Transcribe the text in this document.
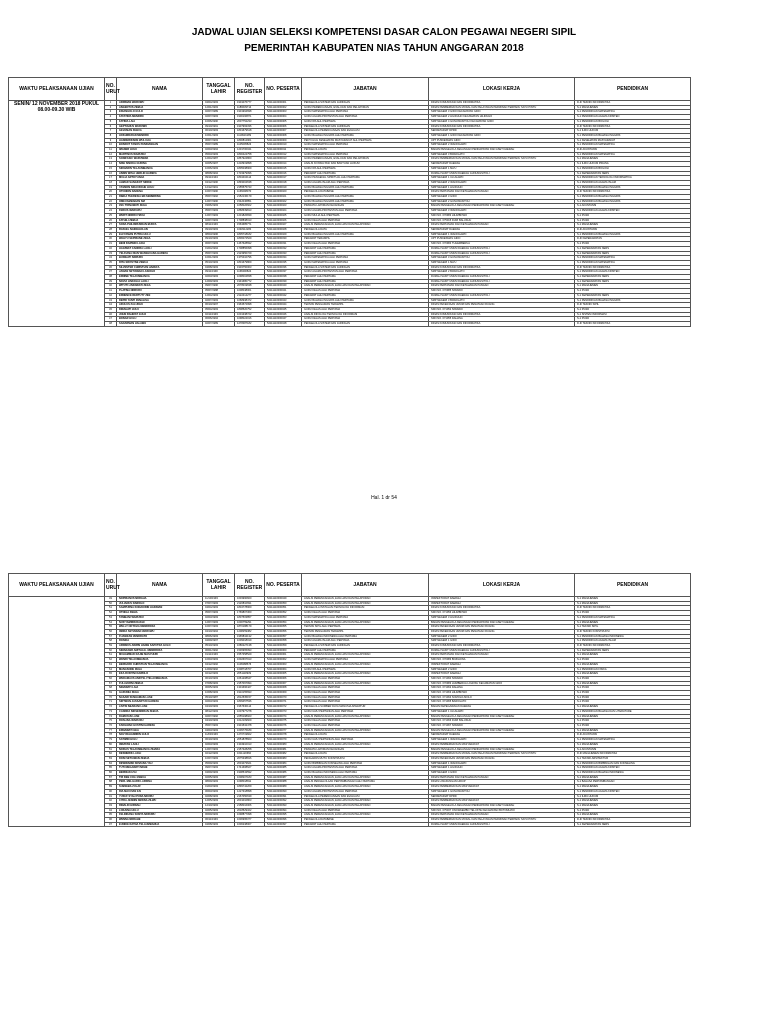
JADWAL UJIAN SELEKSI KOMPETENSI DASAR CALON PEGAWAI NEGERI SIPIL
PEMERINTAH KABUPATEN NIAS TAHUN ANGGARAN 2018
WAKTU PELAKSANAAN UJIAN	NO. URUT	NAMA	TANGGAL LAHIR	NO. REGISTER	NO. PESERTA	JABATAN	LOKASI KERJA	PENDIDIKAN
SENIN/ 12 NOVEMBER 2018 PUKUL 08.00-09.30 WIB	1	ADRIMAN WARUWU	04/04/1993	1901076777	52111110000001	PENGELOLA SISTEM DAN JARINGAN	DINAS KOMUNIKASI DAN INFORMATIKA	D-III TEKNIK INFORMATIKA
	2	ANGENTUS ZEBUA	12/01/1993	1189639714	52111110000002	GURU PERENCANAAN, EVALUASI DAN PELAPORAN	DINAS PEMBERDAYAAN MODAL DAN PELAYANAN PERIZINAN TERPADU SATU PINTU	S-1 MANAJEMEN
	3	EDIANGOLO GULO	02/07/1989	1901994698	52111110000003	GURU MATEMATIKA AHLI PERTAMA	SMP NEGERI 3 GIDO KECAMATAN GIDO	S-1 PENDIDIKAN MATEMATIKA
	4	FATATIMA MENDRO	02/07/1993	1900196871	52111110000004	GURU AGAMA PROTESTAN AHLI PERTAMA	SMP NEGERI 2 HILIDUHO KECAMATAN HILIDUHO	S-1 PENDIDIKAN AGAMA KRISTEN
	5	FATIMA LAIA	10/06/1990	2007752233	52111110000005	GURU IPA AHLI PERTAMA	SMP NEGERI 4 GUNUNGSITOLI KECAMATAN GIDO	S-1 PENDIDIKAN BIOLOGI
	6	GEPTIANUS WARUWU	09/10/1991	1907993336	52111110000006	PENGELOLA SISTEM DAN JARINGAN	DINAS KOMUNIKASI DAN INFORMATIKA	D-III TEKNIK INFORMATIKA
	7	GEVAMAN ZEBUA	06/10/1993	1801679618	52111110000007	PENGELOLA PERENCANAAN DAN EVALUASI	SEKRETARIAT DPRD	S-1 ILMU HUKUM
	8	HOKHIRERAN MENDRO	10/01/1993	1119916189	52111110000008	GURU BAHASA INGGRIS AHLI PERTAMA	SMP NEGERI 1 GIDO KECAMATAN GIDO	S-1 PENDIDIKAN BAHASA INGGRIS
	9	HANDERIKSON WULI HIA	06/07/1993	1800812901	52111110000009	PENYULUH KESEHATAN MASYARAKAT AHLI PERTAMA	UPT PUSKESMAS GIDO	S-1 KESEHATAN MASYARAKAT
	10	BONDOT TANOS PANDIANGAN	05/07/1989	1105095823	52111110000010	GURU MATEMATIKA AHLI PERTAMA	SMP NEGERI 2 IDANOGAWO	S-1 PENDIDIKAN MATEMATIKA
	11	IMANER HULU	02/03/1994	1201700041	52111110000011	PENGELOLA DATA	BADAN PENGELOLA KEUANGAN PENDAPATAN DAN ASET DAERAH	D-III AKUNTANSI
	12	MARTINUS WARUWU	05/03/1993	1800424758	52111110000012	GURU MATEMATIKA AHLI PERTAMA	SMP NEGERI 3 BAWOLATO	S-1 PENDIDIKAN MATEMATIKA
	13	SONIFASIC WARUWWA	12/04/1987	1867924860	52111110000013	GURU PERENCANAAN, EVALUASI DAN PELAPORAN	DINAS PEMBERDAYAAN MODAL DAN PELAYANAN PERIZINAN TERPADU SATU PINTU	S-1 MANAJEMEN
	14	NISE SINOKA GUDINA	02/05/1997	1218919898	52111110000014	ANALIS KONSULTASI DAN BANTUAN HUKUM	SEKRETARIAT DAERAH	S-1 ILMU HUKUM PIDANA
	15	SIKMARIN TELAUMBANUA	10/06/1993	1805038909	52111110000015	GURU IPA AHLI PERTAMA	SMP NEGERI 1 MA'U	S-1 PENDIDIKAN BIOLOGI
	16	ANNIS WISLI HERLIN HAREFA	08/08/1994	1719979096	52111110000016	PERAWAT AHLI PERTAMA	RUMAH SAKIT UMUM DAERAH GUNUNGSITOLI	S-1 KEPERAWATAN NERS
	17	MULIA ARTOYUANA	09/11/1994	1804404114	52111110000017	GURU PENGENAL SPIRITUAL AHLI PERTAMA	SMP NEGERI 1 ULUGAWO	S-1 PENDIDIKAN TEKNOLOGI INFORMATIKA
	18	AHMAD SANGKOT SIDIKE	04/12/1990	1893004638	52111110000018	GURU AGAMA ISLAM AHLI PERTAMA	SMP NEGERI 2 IDANOGAWO	S-1 PENDIDIKAN AGAMA ISLAM
	19	YASMON SIDAUDCHE HULU	12/12/1991	2155575743	52111110000019	GURU BAHASA INGGRIS AHLI PERTAMA	SMP NEGERI 1 HILIDUHO	S-1 PENDIDIKAN BAHASA INGGRIS
	20	OTONION NADENA	10/07/1990	1166098070	52111110000020	PENGELOLA DATABASE	DINAS PERTANIAN DAN KETAHANAN PANGAN	D-III TEKNIK INFORMATIKA
	21	RIBKA THERESIA BR.SEMBIRING	05/07/1992	2152136179	52111110000021	GURU BAHASA INGGRIS AHLI PERTAMA	SMP NEGERI 3 GIDO	S-1 PENDIDIKAN BAHASA INGGRIS
	22	OMEUAMBANAN SM	12/07/1990	1542046851	52111110000022	GURU BAHASA INGGRIS AHLI PERTAMA	SMP NEGERI 2 GUNUNGSITOLI	S-1 PENDIDIKAN BAHASA INGGRIS
	23	ZEU TIRNAWATI ZEGA	03/06/1993	1058026602	52111110000023	PRANATA LAPORAN KEUANGAN	BADAN PENGELOLA KEUANGAN PENDAPATAN DAN ASET DAERAH	S-1 AKUNTANSI
	24	FERIUS WARUWU	05/07/1993	1868639813	52111110000024	GURU AGAMA PROTESTAN AHLI PERTAMA	SMP NEGERI 3 IDANOGAWO	S-1 PENDIDIKAN AGAMA KRISTEN
	25	WIWIT NDRRUYMUH	12/07/1993	1201826839	52111110000025	GURU MULIA AHLI PERTAMA	SDN NO. 070983 HILIMBOWO	S-1 PGSD
	26	FATHILI ZEBUA	02/07/1993	1708838013	52111110000026	GURU KELAS AHLI PERTAMA	SDN NO. 075015 DURI BALUKHU	S-1 PGSD
	27	SONA PHILINDUNDAN BUKFA	08/11/1993	1563685771	52111110000027	ANALIS PERENCANAAN, EVALUASI DAN PELAPORAN	DINAS PERTANIAN DAN KETAHANAN PANGAN	S-1 MANAJEMEN
	28	RAFAEL NAINGGOLAN	09/10/1993	1048112284	52111110000028	PENGELOLA DATA	SEKRETARIAT DAERAH	D-III AKUNTANSI
	29	ELFYAMAN PUTRA HULU	08/03/1996	1805718182	52111110000029	GURU BAHASA INGGRIS AHLI PERTAMA	SMP NEGERI 1 IDANOGAWO	S-1 PENDIDIKAN BAHASA INGGRIS
	30	WAHYU SEPRIANE ZEGA	09/10/1993	1806072529	52111110000030	PERAWAT TERAMPIL	UPT PUSKESMAS GIDO	D-III KEPERAWATAN
	31	BENI DARWIN LAOLI	06/07/1993	1467628692	52111110000031	GURU KELAS AHLI PERTAMA	SDN NO. 070984 TUHEMBERUA	S-1 PGSD
	32	HAGIWAT CANDRA LAOLI	01/04/1994	1708856098	52111110000032	PERAWAT AHLI PERTAMA	RUMAH SAKIT UMUM DAERAH GUNUNGSITOLI	S-1 KEPERAWATAN NERS
	33	YELFIANA DIAN WASSHUANA HAREFA	05/07/1993	2123950729	52111110000033	PERAWAT AHLI PERTAMA	RUMAH SAKIT UMUM DAERAH GUNUNGSITOLI	S-1 KEPERAWATAN NERS
	34	BUDIHATI NDRURU	10/01/1993	1375410796	52111110000034	GURU MATEMATIKA AHLI PERTAMA	SMP NEGERI 3 GUNUNGSITOLI	S-1 PENDIDIKAN MATEMATIKA
	35	RITA SRIYETNE ZEBUA	05/10/1993	1801679809	52111110000035	GURU MATEMATIKA AHLI PERTAMA	SMP NEGERI 1 MA'U	S-1 PENDIDIKAN MATEMATIKA
	36	SILVESTER CHRISTIAN HAREFA	04/08/1993	1903750003	52111110000036	PENGELOLA SISTEM DAN JARINGAN	DINAS KOMUNIKASI DAN INFORMATIKA	D-III TEKNIK INFORMATIKA
	37	JAMAN SETIAWAN LASIOGO	09/11/1990	1168490824	52111110000037	GURU AGAMA PROTESTAN AHLI PERTAMA	SMP NEGERI 2 BAWOLATO	S-1 PENDIDIKAN AGAMA KRISTEN
	38	ERNINE TELAUMBANUA	02/03/1993	1098004838	52111110000038	PERAWAT AHLI PERTAMA	RUMAH SAKIT UMUM DAERAH GUNUNGSITOLI	S-1 KEPERAWATAN NERS
	39	NOVIA LINKOLIA LAOLI	12/09/1993	1991680772	52111110000039	PERAWAT AHLI PERTAMA	RUMAH SAKIT UMUM DAERAH GUNUNGSITOLI	S-1 KEPERAWATAN NERS
	40	WITUTI LINDAWATI ZEGA	09/07/1990	2078019638	52111110000040	ANALIS PERENCANAAN, EVALUASI DAN PELAPORAN	DINAS PERTANIAN DAN KETAHANAN PANGAN	S-1 MANAJEMEN
	41	PLATINA NDRURU	05/07/1988	1008048001	52111110000041	GURU KELAS AHLI PERTAMA	SDN NO. 070985 SIWAWO	S-1 PGSD
	42	ERNENCE RERTUTY ZEE	12/04/1993	2122414277	52111110000042	PERAWAT AHLI PERTAMA	RUMAH SAKIT UMUM DAERAH GUNUNGSITOLI	S-1 KEPERAWATAN NERS
	43	DEPRI YANTI ZENALISA	02/07/1993	1068938472	52111110000043	GURU BAHASA INGGRIS AHLI PERTAMA	SMP NEGERI 3 BAWOLATO	S-1 PENDIDIKAN BAHASA INGGRIS
	44	ADULUS ZALUKHU	06/10/1997	1963572998	52111110000044	TEKNISI PENGAIRAN TERAMPIL	DINAS PEKERJAAN UMUM DAN PENATAAN RUANG	D-III TEKNIK SIPIL
	45	DIRAHATI HULU	05/04/1993	1808520752	52111110000045	GURU KELAS AHLI PERTAMA	SDN NO. 071052 SIWAWO	S-1 PGSD
	46	JOHN RAHMAT GULO	02/11/1993	1001338722	52111110000046	ANALIS INFOLOGI TEKNOLOGI INFORMASI	DINAS KOMUNIKASI DAN INFORMATIKA	S-1 SISTEM INFORMASI
	47	BONAR HULU	06/06/1994	1098024016	52111110000047	GURU KELAS AHLI PERTAMA	SDN NO. 071055 DAHANA	S-1 PGSD
	48	SADARMAN HALAWA	02/07/1989	1278487182	52111110000048	PENGELOLA SISTEM DAN JARINGAN	DINAS KOMUNIKASI DAN INFORMATIKA	D-III TEKNIK INFORMATIKA
Hal. 1 dr 54
WAKTU PELAKSANAAN UJIAN	NO. URUT	NAMA	TANGGAL LAHIR	NO. REGISTER	NO. PESERTA	JABATAN	LOKASI KERJA	PENDIDIKAN
	49	NOPRIANUS NDRAHA	11/10/1993	1603990820	52111110000049	ANALIS PERENCANAAN, EVALUASI DAN PELAPORAN	INSPEKTORAT DAERAH	S-1 MANAJEMEN
	50	JULIANUS DAWOLO	07/07/1993	2120810691	52111110000050	ANALIS PERENCANAAN, EVALUASI DAN PELAPORAN	INSPEKTORAT DAERAH	S-1 MANAJEMEN
	51	SAMPURNA KONAKIDIN HAKIMAN	04/04/1993	1804778960	52111110000051	PENGELOLA INSTALASI TEKNOLOGI INFORMASI	DINAS KOMUNIKASI DAN INFORMATIKA	D-III TEKNIK INFORMATIKA
	52	OTNIGA ZIBHA	05/07/1993	1769807360	52111110000052	GURU KELAS AHLI PERTAMA	SDN NO. 071056 HILIMBOWO	S-1 PGSD
	53	TAMBANI WARUWU	02/03/1993	1807503857	52111110000053	GURU MATEMATIKA AHLI PERTAMA	SMP NEGERI 3 HILIDUHO	S-1 PENDIDIKAN MATEMATIKA
	54	NUR YAMMIN DAKHI	12/07/1993	1000759291	52111110000054	ANALIS PERENCANAAN, EVALUASI DAN PELAPORAN	BADAN PENGELOLA KEUANGAN PENDAPATAN DAN ASET DAERAH	S-1 MANAJEMEN
	55	WELLY OKTAVIA MENDROFA	10/07/1993	1870188179	52111110000055	TEKNISI SIPIL AHLI PERTAMA	DINAS PEKERJAAN UMUM DAN PENATAAN RUANG	S-1 TEKNIK SIPIL
	56	INDRA SETIAWAN WARUWU	04/10/1994	1208259382	52111110000056	TEKNISI PENGAIRAN TERAMPIL	DINAS PEKERJAAN UMUM DAN PENATAAN RUANG	D-III TEKNIK KONSTRUKSI
	57	FUANIZAN ZENDRATO	08/06/1993	1965834132	52111110000057	GURU BAHASA INDONESIA AHLI PERTAMA	SMP NEGERI 2 GIDO	S-1 PENDIDIKAN BAHASA INDONESIA
	58	ROSIDA	04/09/1997	1009018019	52111110000058	GURU AGAMA ISLAM AHLI PERTAMA	SMP NEGERI 1 GIDO	S-1 PENDIDIKAN AGAMA ISLAM
	59	ARDINUS ARWIN HADIB SAPUTRA GULO	05/10/1993	1680227138	52111110000059	PENGELOLA SISTEM DAN JARINGAN	DINAS KOMUNIKASI DAN INFORMATIKA	D-III TEKNIK INFORMATIKA
	60	SIMARABR AMITHA E. MENDROFA	06/01/1992	1536965093	52111110000060	PERAWAT AHLI PERTAMA	RUMAH SAKIT UMUM DAERAH GUNUNGSITOLI	S-1 KEPERAWATAN NERS
	61	MUHAMMAD RAJIB MASYHURI	01/11/1993	1557358529	52111110000061	ANALIS PERENCANAAN, EVALUASI DAN PELAPORAN	DINAS PERTANIAN DAN KETAHANAN PANGAN	S-1 MANAJEMEN
	62	WANRI TELAUMBANUA	10/03/1993	1602697913	52111110000062	GURU MATEMATIKA AHLI PERTAMA	SDN NO. 070083 BOZIHONA	S-1 PGSD
	63	BERNARD CHRISTIAN TELAUMBANUA	04/12/1992	1108288676	52111110000063	ANALIS PERENCANAAN, EVALUASI DAN PELAPORAN	INSPEKTORAT DAERAH	S-1 MANAJEMEN
	64	MANASONE ZEGA	12/09/1992	1608718707	52111110000064	GURU IPA AHLI PERTAMA	SMP NEGERI 2 GIDO	S-1 PENDIDIKAN FISIKA
	65	EKA RUDIYNI DAWOLO	02/12/1993	2051118939	52111110000065	ANALIS PERENCANAAN, EVALUASI DAN PELAPORAN	INSPEKTORAT DAERAH	S-1 MANAJEMEN
	66	WEDAMAUS ANDYSLI TELAUMBANUA	06/10/1993	1661208647	52111110000066	GURU KELAS AHLI PERTAMA	SDN NO. 071060 SIWAWO	S-1 PGSD
	67	FULAVARNI ZEBUA	07/08/1993	2157097994	52111110000067	ANALIS PERENCANAAN, EVALUASI DAN PELAPORAN	SDN NO. 070983 HUMBERUA LOHOSU KECAMATAN GIDO	S-1 MANAJEMEN
	68	NINAWATI LAIA	06/05/1993	1301696427	52111110000068	GURU KELAS AHLI PERTAMA	SDN NO. 071062 DAHANA	S-1 PGSD
	69	GARUNIA ZEGA	10/08/1993	1910155693	52111110000069	GURU KELAS AHLI PERTAMA	SDN NO. 071063 HILIMBOWO	S-1 PGSD
	70	NASARI SUNHAMAN LASE	05/10/1987	2012535157	52111110000070	GURU KELAS AHLI PERTAMA	SDN NO. 071064 SOMOLO-MOLO	S-1 PGSD
	71	SIRTWAN JASSARTUO HAREFA	02/03/1993	1809457536	52111110000071	GURU KELAS AHLI PERTAMA	SDN NO. 071065 BAWOLATO	S-1 PGSD
	72	LISTIN NEARANI LASE	04/10/1993	1967630114	52111110000072	PENGELOLA SUMBER DAYA MANUSIA APARATUR	BADAN KEPEGAWAIAN DAERAH	S-1 MANAJEMEN
	73	CANDRA NIKSENDIRAN ZEBUA	08/12/1993	1007977278	52111110000073	GURU ILMU PERTANIAN AHLI PERTAMA	SMP NEGERI 1 ULUGAWO	S-1 PENDIDIKAN BAHASA DAN LITERATURE
	74	DAMAYAN LASE	02/07/1992	2255198923	52111110000074	ANALIS PERENCANAAN, EVALUASI DAN PELAPORAN	BADAN PENGELOLA KEUANGAN PENDAPATAN DAN ASET DAERAH	S-1 MANAJEMEN
	75	ROSLINA WARUWU	04/10/1993	1612109609	52111110000075	GURU KELAS AHLI PERTAMA	SDN NO. 071066 DURI BALUKHU	S-1 PGSD
	76	FADILMAN GUSTINI HAREFA	05/07/1993	1901532478	52111110000076	GURU KELAS AHLI PERTAMA	SDN NO. 071067 SIWAWO	S-1 PGSD
	77	ERNAWATI GEA	04/03/1993	1609776189	52111110000077	ANALIS PERENCANAAN, EVALUASI DAN PELAPORAN	BADAN PENGELOLA KEUANGAN PENDAPATAN DAN ASET DAERAH	S-1 MANAJEMEN
	78	NOV REHANDRIN GULO	11/03/1993	1270719822	52111110000078	PENGELOLA DATA	SEKRETARIAT DAERAH	D-III AKUNTANSI
	79	SATIMIN HULU	06/10/1993	2051878823	52111110000079	GURU ILMU PERTANIAN AHLI PERTAMA	SMP NEGERI 1 IDANOGAWO	S-1 PENDIDIKAN MATEMATIKA
	80	INDATAN LAOLI	02/03/1993	1304910013	52111110000080	ANALIS PERENCANAAN, EVALUASI DAN PELAPORAN	DINAS PEMBERDAYAAN MASYARAKAT	S-1 MANAJEMEN
	81	NORLIS TELAUMBANUA ZIHARA	12/07/1993	2157328258	52111110000081	PRANATA LAPORAN KEUANGAN	BADAN PENGELOLA KEUANGAN PENDAPATAN DAN ASET DAERAH	S-1 AKUNTANSI
	82	DESMERIK LAOLI	02/12/1993	1611120660	52111110000082	PENGELOLA DATA	DINAS PEMBERDAYAAN MODAL DAN PELAYANAN PERIZINAN TERPADU SATU PINTU	D-III MANAJEMEN INFORMATIKA
	83	DONI SETIAWAN ZEBUA	10/07/1993	2075338816	52111110000083	PENGAWAS MUTU KONSTRUKSI	DINAS PEKERJAAN UMUM DAN PENATAAN RUANG	S-1 TEKNIK ARSITEKTUR
	84	DEWIRANNI NOVIANA YAU	05/09/1993	2001073621	52111110000084	GURU BIMBINGAN KONSELING AHLI PERTAMA	SMP NEGERI 1 IDANOGAWO	S-1 PENDIDIKAN BIMBINGAN DAN KONSELING
	85	TUTI MEGAWATI NDHE	09/07/1993	1741608627	52111110000085	GURU AGAMA PROTESTAN AHLI PERTAMA	SMP NEGERI 1 HILIDUHO	S-1 PENDIDIKAN AGAMA KRISTEN
	86	BERNIAKI ZAI	04/09/1993	1908543592	52111110000086	GURU BAHASA INDONESIA AHLI PERTAMA	SMP NEGERI 4 GIDO	S-1 PENDIDIKAN BAHASA INDONESIA
	87	TRI DEB COLI ZEBUA	02/05/1993	1608207183	52111110000087	ANALIS PERENCANAAN, EVALUASI DAN PELAPORAN	DINAS PERTANIAN DAN KETAHANAN PANGAN	S-1 MANAJEMEN
	88	PERL MELGARD LARDISA	08/09/1993	1098018811	52111110000088	ANALIS PENGELOLAAN PERTAMBANGAN AHLI PERTAMA	DINAS LINGKUNGAN HIDUP	S-1 BAHASA PERTAMBANGAN
	89	SUBSEBA ZULAF	01/03/1993	1899742269	52111110000089	ANALIS PERENCANAAN, EVALUASI DAN PELAPORAN	DINAS PEMBERDAYAAN MASYARAKAT	S-1 MANAJEMEN
	90	RIA MAUVIAN ZAI	06/03/1993	1227318898	52111110000090	GURU AGAMA PROTESTAN AHLI PERTAMA	SMP NEGERI 1 GUNUNGSITOLI	S-1 PENDIDIKAN AGAMA KRISTEN
	91	YUSUF SYAH PUNA NDURU	02/08/1993	2167050639	52111110000091	PENGELOLA PERENCANAAN DAN EVALUASI	SEKRETARIAT DPRD	S-1 ILMU HUKUM
	92	CITRA JENNIN NEWNA ZILWU	12/05/1993	2001010803	52111110000092	ANALIS PERENCANAAN, EVALUASI DAN PELAPORAN	DINAS PEMBERDAYAAN MASYARAKAT	S-1 MANAJEMEN
	93	RINALDI HIRNAH	12/10/1993	2158016006	52111110000093	ANALIS PERENCANAAN, EVALUASI DAN PELAPORAN	BADAN PENGELOLA KEUANGAN PENDAPATAN DAN ASET DAERAH	S-1 MANAJEMEN
	94	LOKAINA HULU	02/05/1993	2018529322	52111110000094	GURU KELAS AHLI PERTAMA	SDN NO. 075037 ONOWAEMBO TELUKTE KECAMATAN BOTOMUZOI	S-1 PGSD
	95	FELINDANA SONTA NDRURU	06/09/1993	1698877098	52111110000095	ANALIS PERENCANAAN, EVALUASI DAN PELAPORAN	DINAS PERTANIAN DAN KETAHANAN PANGAN	S-1 MANAJEMEN
	96	WENNA NDRAHE	06/11/1993	1606995377	52111110000096	PENGELOLA DATABASE	DINAS PEMBERDAYAAN MODAL DAN PELAYANAN PERIZINAN TERPADU SATU PINTU	D-III TEKNIK INFORMATIKA
	97	EUNIKE RATNA TELAUMBANUA	04/08/1993	1606238007	52111110000097	PERAWAT AHLI PERTAMA	RUMAH SAKIT UMUM DAERAH GUNUNGSITOLI	S-1 KEPERAWATAN NERS
